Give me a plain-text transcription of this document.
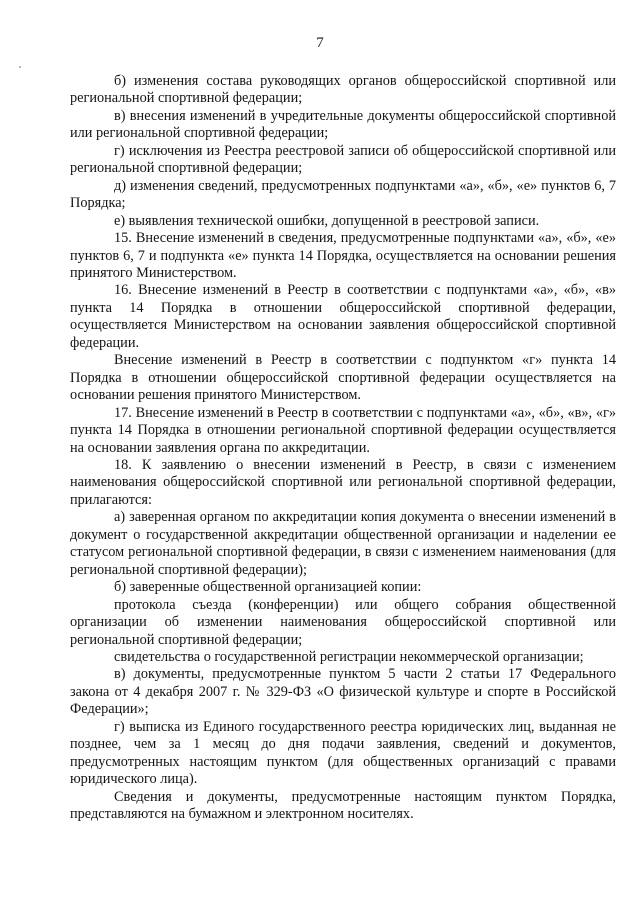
7

б) изменения состава руководящих органов общероссийской спортивной или региональной спортивной федерации;

в) внесения изменений в учредительные документы общероссийской спортивной или региональной спортивной федерации;

г) исключения из Реестра реестровой записи об общероссийской спортивной или региональной спортивной федерации;

д) изменения сведений, предусмотренных подпунктами «а», «б», «е» пунктов 6, 7 Порядка;

е) выявления технической ошибки, допущенной в реестровой записи.

15. Внесение изменений в сведения, предусмотренные подпунктами «а», «б», «е» пунктов 6, 7 и подпункта «е» пункта 14 Порядка, осуществляется на основании решения принятого Министерством.

16. Внесение изменений в Реестр в соответствии с подпунктами «а», «б», «в» пункта 14 Порядка в отношении общероссийской спортивной федерации, осуществляется Министерством на основании заявления общероссийской спортивной федерации.

Внесение изменений в Реестр в соответствии с подпунктом «г» пункта 14 Порядка в отношении общероссийской спортивной федерации осуществляется на основании решения принятого Министерством.

17. Внесение изменений в Реестр в соответствии с подпунктами «а», «б», «в», «г» пункта 14 Порядка в отношении региональной спортивной федерации осуществляется на основании заявления органа по аккредитации.

18. К заявлению о внесении изменений в Реестр, в связи с изменением наименования общероссийской спортивной или региональной спортивной федерации, прилагаются:

а) заверенная органом по аккредитации копия документа о внесении изменений в документ о государственной аккредитации общественной организации и наделении ее статусом региональной спортивной федерации, в связи с изменением наименования (для региональной спортивной федерации);

б) заверенные общественной организацией копии:

протокола съезда (конференции) или общего собрания общественной организации об изменении наименования общероссийской спортивной или региональной спортивной федерации;

свидетельства о государственной регистрации некоммерческой организации;

в) документы, предусмотренные пунктом 5 части 2 статьи 17 Федерального закона от 4 декабря 2007 г. № 329-ФЗ «О физической культуре и спорте в Российской Федерации»;

г) выписка из Единого государственного реестра юридических лиц, выданная не позднее, чем за 1 месяц до дня подачи заявления, сведений и документов, предусмотренных настоящим пунктом (для общественных организаций с правами юридического лица).

Сведения и документы, предусмотренные настоящим пунктом Порядка, представляются на бумажном и электронном носителях.
